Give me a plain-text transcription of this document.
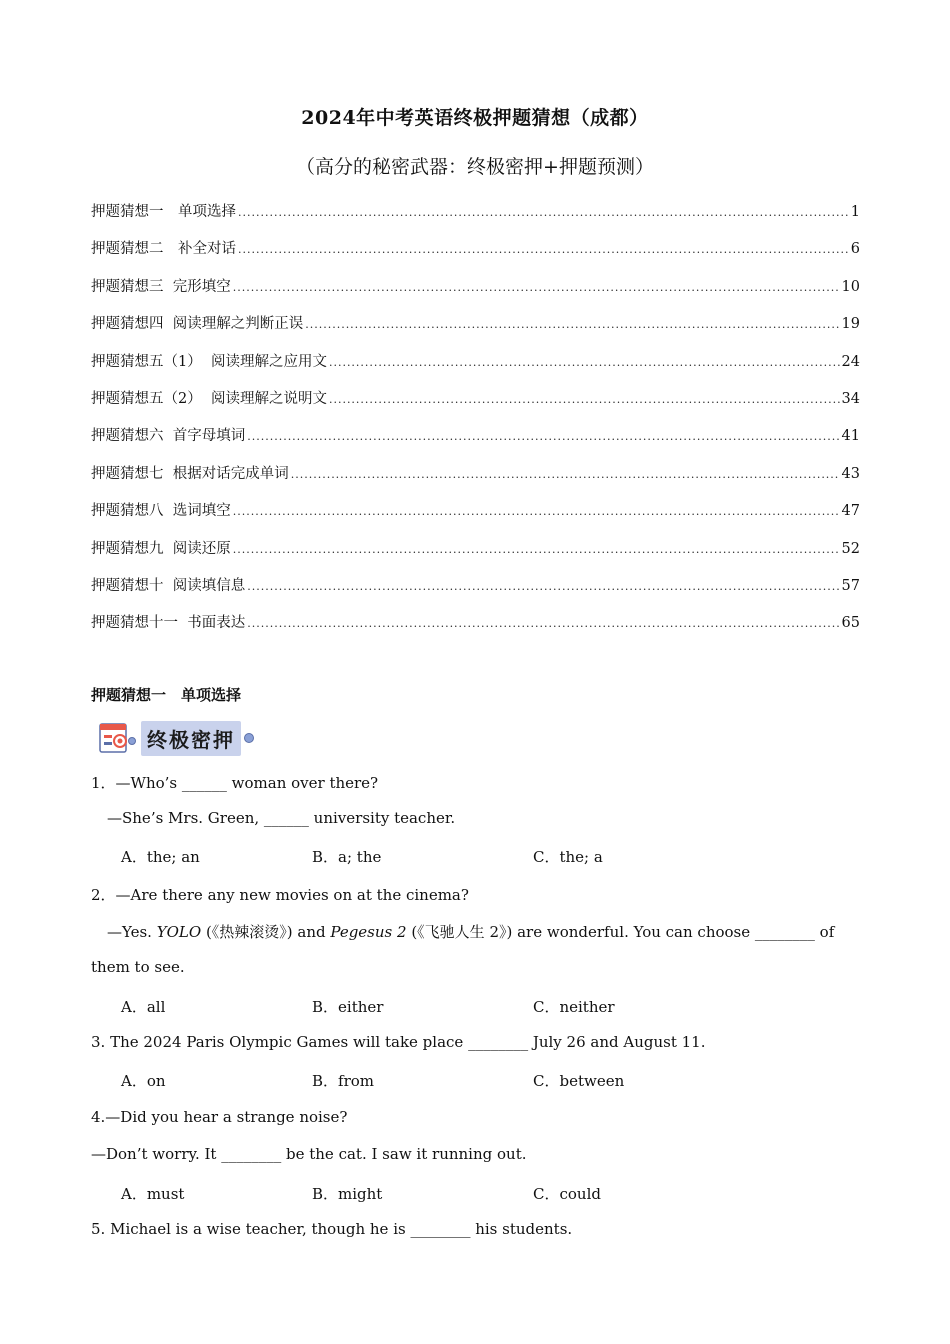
2024年中考英语终极押题猜想（成都）
（高分的秘密武器：终极密押+押题预测）
押题猜想一　单项选择 .....	1
押题猜想二　补全对话 .....	6
押题猜想三  完形填空 .....	10
押题猜想四  阅读理解之判断正误 .....	19
押题猜想五（1）  阅读理解之应用文 .....	24
押题猜想五（2）  阅读理解之说明文 .....	34
押题猜想六  首字母填词 .....	41
押题猜想七  根据对话完成单词 .....	43
押题猜想八  选词填空 .....	47
押题猜想九  阅读还原 .....	52
押题猜想十  阅读填信息 .....	57
押题猜想十一  书面表达 .....	65
押题猜想一　单项选择
终极密押
1．—Who’s ______ woman over there?
—She’s Mrs. Green, ______ university teacher.
A．the; an	B．a; the	C．the; a
2．—Are there any new movies on at the cinema?
—Yes. YOLO (《热辣滚烫》) and Pegesus 2 (《飞驰人生 2》) are wonderful. You can choose ________ of
them to see.
A．all	B．either	C．neither
3. The 2024 Paris Olympic Games will take place ________ July 26 and August 11.
A．on	B．from	C．between
4.—Did you hear a strange noise?
—Don’t worry. It ________ be the cat. I saw it running out.
A．must	B．might	C．could
5. Michael is a wise teacher, though he is ________ his students.
